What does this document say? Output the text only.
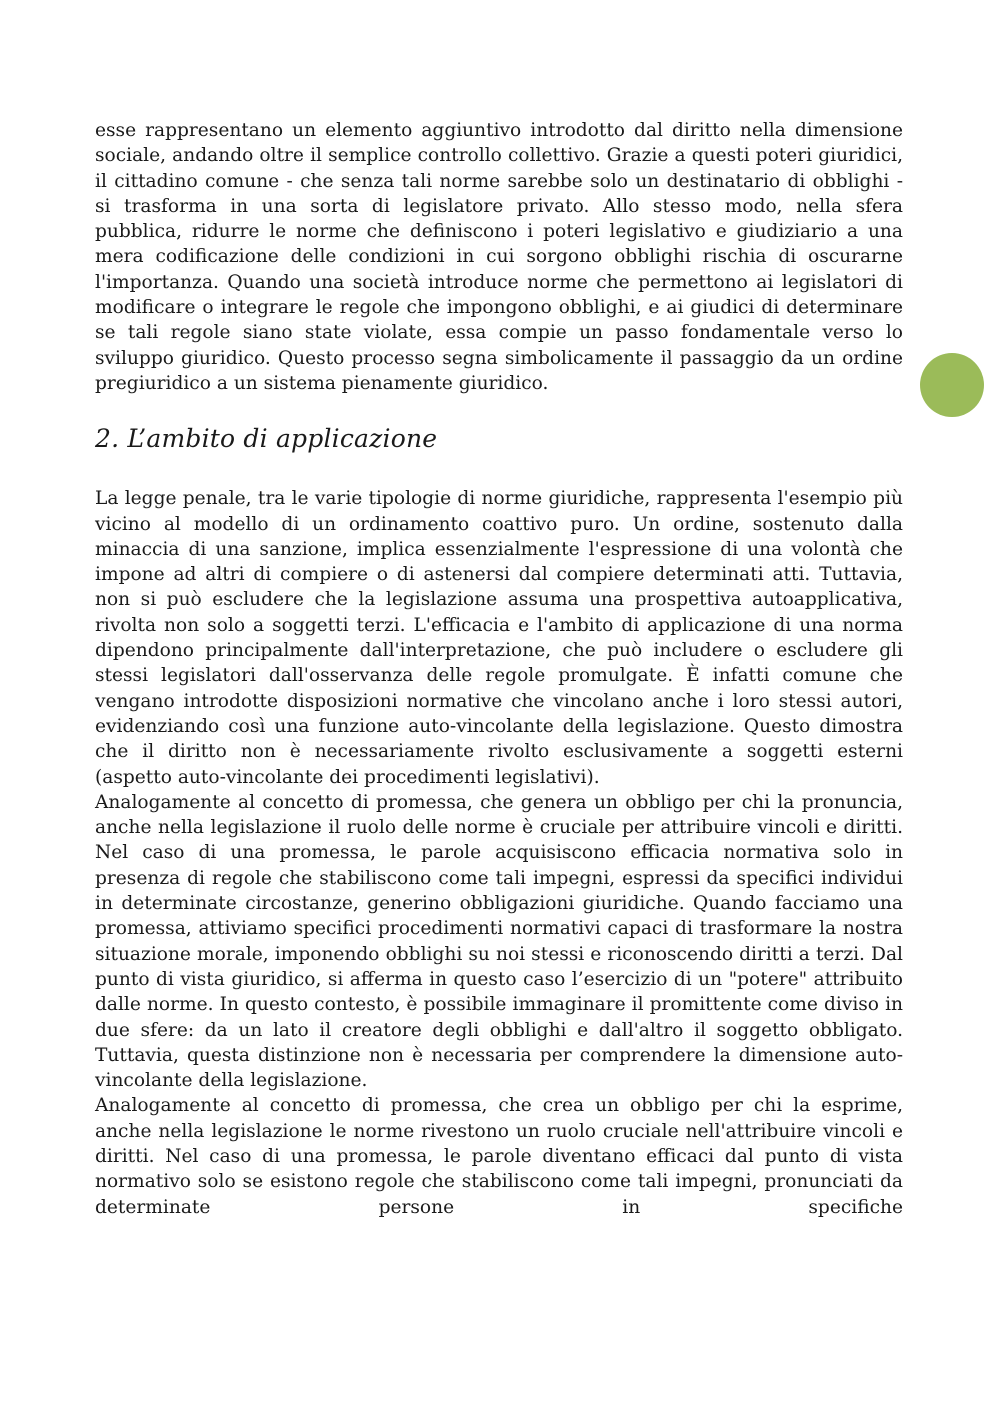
esse rappresentano un elemento aggiuntivo introdotto dal diritto nella dimensione sociale, andando oltre il semplice controllo collettivo. Grazie a questi poteri giuridici, il cittadino comune - che senza tali norme sarebbe solo un destinatario di obblighi - si trasforma in una sorta di legislatore privato. Allo stesso modo, nella sfera pubblica, ridurre le norme che definiscono i poteri legislativo e giudiziario a una mera codificazione delle condizioni in cui sorgono obblighi rischia di oscurarne l'importanza. Quando una società introduce norme che permettono ai legislatori di modificare o integrare le regole che impongono obblighi, e ai giudici di determinare se tali regole siano state violate, essa compie un passo fondamentale verso lo sviluppo giuridico. Questo processo segna simbolicamente il passaggio da un ordine pregiuridico a un sistema pienamente giuridico.

2. L’ambito di applicazione

La legge penale, tra le varie tipologie di norme giuridiche, rappresenta l'esempio più vicino al modello di un ordinamento coattivo puro. Un ordine, sostenuto dalla minaccia di una sanzione, implica essenzialmente l'espressione di una volontà che impone ad altri di compiere o di astenersi dal compiere determinati atti. Tuttavia, non si può escludere che la legislazione assuma una prospettiva autoapplicativa, rivolta non solo a soggetti terzi. L'efficacia e l'ambito di applicazione di una norma dipendono principalmente dall'interpretazione, che può includere o escludere gli stessi legislatori dall'osservanza delle regole promulgate. È infatti comune che vengano introdotte disposizioni normative che vincolano anche i loro stessi autori, evidenziando così una funzione auto-vincolante della legislazione. Questo dimostra che il diritto non è necessariamente rivolto esclusivamente a soggetti esterni (aspetto auto-vincolante dei procedimenti legislativi).

Analogamente al concetto di promessa, che genera un obbligo per chi la pronuncia, anche nella legislazione il ruolo delle norme è cruciale per attribuire vincoli e diritti. Nel caso di una promessa, le parole acquisiscono efficacia normativa solo in presenza di regole che stabiliscono come tali impegni, espressi da specifici individui in determinate circostanze, generino obbligazioni giuridiche. Quando facciamo una promessa, attiviamo specifici procedimenti normativi capaci di trasformare la nostra situazione morale, imponendo obblighi su noi stessi e riconoscendo diritti a terzi. Dal punto di vista giuridico, si afferma in questo caso l’esercizio di un "potere" attribuito dalle norme. In questo contesto, è possibile immaginare il promittente come diviso in due sfere: da un lato il creatore degli obblighi e dall'altro il soggetto obbligato. Tuttavia, questa distinzione non è necessaria per comprendere la dimensione auto-vincolante della legislazione.

Analogamente al concetto di promessa, che crea un obbligo per chi la esprime, anche nella legislazione le norme rivestono un ruolo cruciale nell'attribuire vincoli e diritti. Nel caso di una promessa, le parole diventano efficaci dal punto di vista normativo solo se esistono regole che stabiliscono come tali impegni, pronunciati da determinate persone in specifiche
